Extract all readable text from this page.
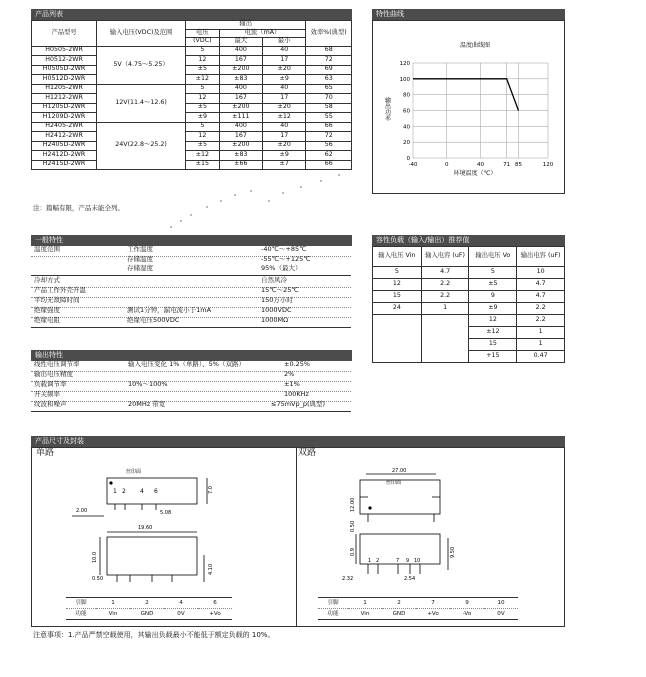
产品列表
产品型号	输入电压(VDC)及范围	输出			效率%(典型)
		电压	电流（mA）		
		(VDC)	最大	最小	
H0505-2WR	5V（4.75～5.25）	5	400	40	68
H0512-2WR		12	167	17	72
H0505D-2WR		±5	±200	±20	69
H0512D-2WR		±12	±83	±9	63
H1205-2WR	12V(11.4～12.6)	5	400	40	65
H1212-2WR		12	167	17	70
H1205D-2WR		±5	±200	±20	58
H1209D-2WR		±9	±111	±12	55
H2405-2WR	24V(22.8～25.2)	5	400	40	66
H2412-2WR		12	167	17	72
H2405D-2WR		±5	±200	±20	56
H2412D-2WR		±12	±83	±9	62
H2415D-2WR		±15	±66	±7	66
注：篇幅有限，产品未能全列。
特性曲线
温度曲线图
0
20
40
60
80
100
120
-40	0	40	71 85	120
输出功率
环境温度（℃）
一般特性
温度范围	工作温度	-40℃～+85℃
存储温度	-55℃～+125℃
存储湿度	95%（最大）
冷却方式	自然风冷
产品工作外壳升温	15℃～25℃
平均无故障时间	150万小时
绝缘强度	测试1分钟，漏电流小于1mA	1000VDC
绝缘电阻	绝缘电压500VDC	1000MΩ
输出特性
线性电压调节率	输入电压变化 1%（单路）、5%（双路）	±0.25%
输出电压精度	2%
负载调节率	10%～100%	±1%
开关频率	100KHz
纹波和噪声	20MHz 带宽	≤75mVp_p(典型)
容性负载（输入/输出）推荐值
输入电压 Vin	输入电容 (uF)	输出电压 Vo	输出电容 (uF)
5	4.7	5	10
12	2.2	±5	4.7
15	2.2	9	4.7
24	1	±9	2.2
		12	2.2
		±12	1
		15	1
		+15	0.47
产品尺寸及封装
单路	双路
丝印面
1 2 4 6	7.0
2.00	5.08
19.60
10.0
4.10
0.50
丝印面
27.00
12.00
0.50
0.9
1 2	7 9 10
9.50
2.32	2.54
引脚	1	2	4	6
功能	Vin	GND	0V	+Vo
引脚	1	2	7	9	10
功能	Vin	GND	+Vo	-Vo	0V
注意事项：1.产品严禁空载使用，其输出负载最小不能低于额定负载的 10%。
